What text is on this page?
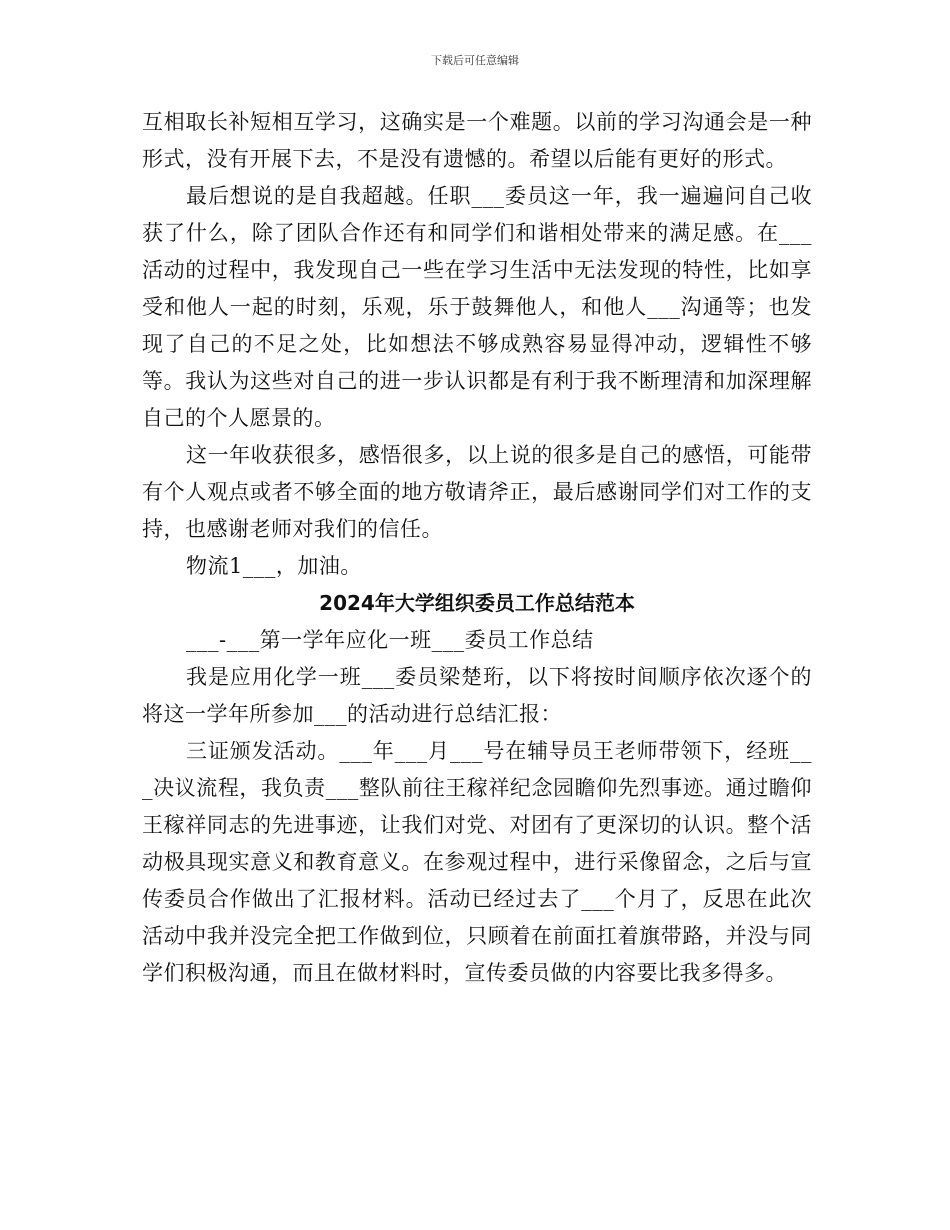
下载后可任意编辑

互相取长补短相互学习，这确实是一个难题。以前的学习沟通会是一种形式，没有开展下去，不是没有遗憾的。希望以后能有更好的形式。

最后想说的是自我超越。任职___委员这一年，我一遍遍问自己收获了什么，除了团队合作还有和同学们和谐相处带来的满足感。在___活动的过程中，我发现自己一些在学习生活中无法发现的特性，比如享受和他人一起的时刻，乐观，乐于鼓舞他人，和他人___沟通等；也发现了自己的不足之处，比如想法不够成熟容易显得冲动，逻辑性不够等。我认为这些对自己的进一步认识都是有利于我不断理清和加深理解自己的个人愿景的。

这一年收获很多，感悟很多，以上说的很多是自己的感悟，可能带有个人观点或者不够全面的地方敬请斧正，最后感谢同学们对工作的支持，也感谢老师对我们的信任。

物流1___，加油。

2024年大学组织委员工作总结范本

___-___第一学年应化一班___委员工作总结

我是应用化学一班___委员梁楚珩，以下将按时间顺序依次逐个的将这一学年所参加___的活动进行总结汇报：

三证颁发活动。___年___月___号在辅导员王老师带领下，经班___决议流程，我负责___整队前往王稼祥纪念园瞻仰先烈事迹。通过瞻仰王稼祥同志的先进事迹，让我们对党、对团有了更深切的认识。整个活动极具现实意义和教育意义。在参观过程中，进行采像留念，之后与宣传委员合作做出了汇报材料。活动已经过去了___个月了，反思在此次活动中我并没完全把工作做到位，只顾着在前面扛着旗带路，并没与同学们积极沟通，而且在做材料时，宣传委员做的内容要比我多得多。
